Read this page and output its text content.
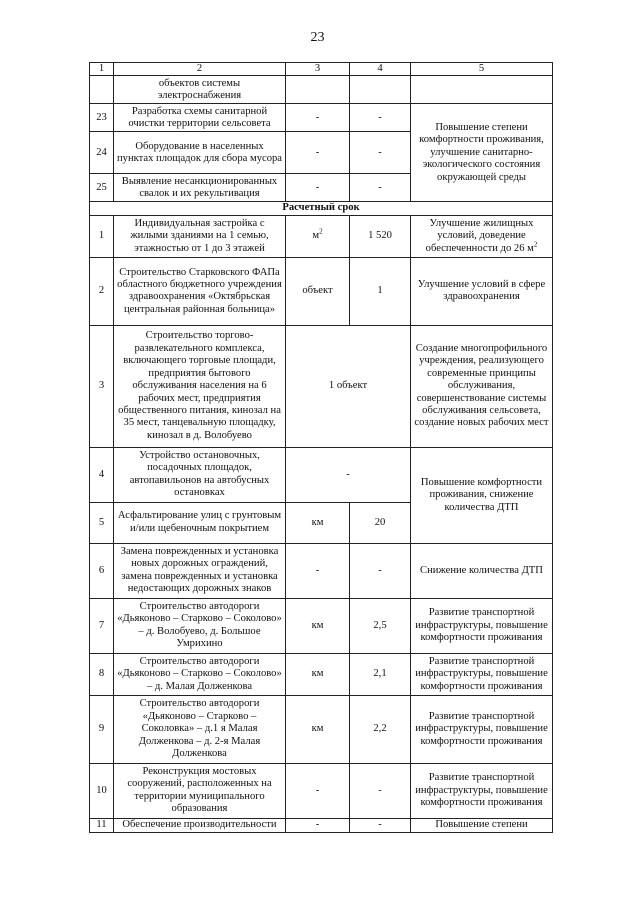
23
1	2	3	4	5
	объектов системы электроснабжения			
23	Разработка схемы санитарной очистки территории сельсовета	-	-	Повышение степени комфортности проживания, улучшение санитарно-экологического состояния окружающей среды
24	Оборудование в населенных пунктах площадок для сбора мусора	-	-	
25	Выявление несанкционированных свалок и их рекультивация	-	-	
Расчетный срок				
1	Индивидуальная застройка с жилыми зданиями на 1 семью, этажностью от 1 до 3 этажей	$м^2$	1 520	Улучшение жилищных условий, доведение обеспеченности до 26 $м^2$
2	Строительство Старковского ФАПа областного бюджетного учреждения здравоохранения «Октябрьская центральная районная больница»	объект	1	Улучшение условий в сфере здравоохранения
3	Строительство торгово-развлекательного комплекса, включающего торговые площади, предприятия бытового обслуживания населения на 6 рабочих мест, предприятия общественного питания, кинозал на 35 мест, танцевальную площадку, кинозал в д. Волобуево	1 объект		Создание многопрофильного учреждения, реализующего современные принципы обслуживания, совершенствование системы обслуживания сельсовета, создание новых рабочих мест
4	Устройство остановочных, посадочных площадок, автопавильонов на автобусных остановках	-		Повышение комфортности проживания, снижение количества ДТП
5	Асфальтирование улиц с грунтовым и/или щебеночным покрытием	км	20	
6	Замена поврежденных и установка новых дорожных ограждений, замена поврежденных и установка недостающих дорожных знаков	-	-	Снижение количества ДТП
7	Строительство автодороги «Дьяконово – Старково – Соколово» – д. Волобуево, д. Большое Умрихино	км	2,5	Развитие транспортной инфраструктуры, повышение комфортности проживания
8	Строительство автодороги «Дьяконово – Старково – Соколово» – д. Малая Долженкова	км	2,1	Развитие транспортной инфраструктуры, повышение комфортности проживания
9	Строительство автодороги «Дьяконово – Старково – Соколовка» – д.1 я Малая Долженкова – д. 2-я Малая Долженкова	км	2,2	Развитие транспортной инфраструктуры, повышение комфортности проживания
10	Реконструкция мостовых сооружений, расположенных на территории муниципального образования	-	-	Развитие транспортной инфраструктуры, повышение комфортности проживания
11	Обеспечение производительности	-	-	Повышение степени
